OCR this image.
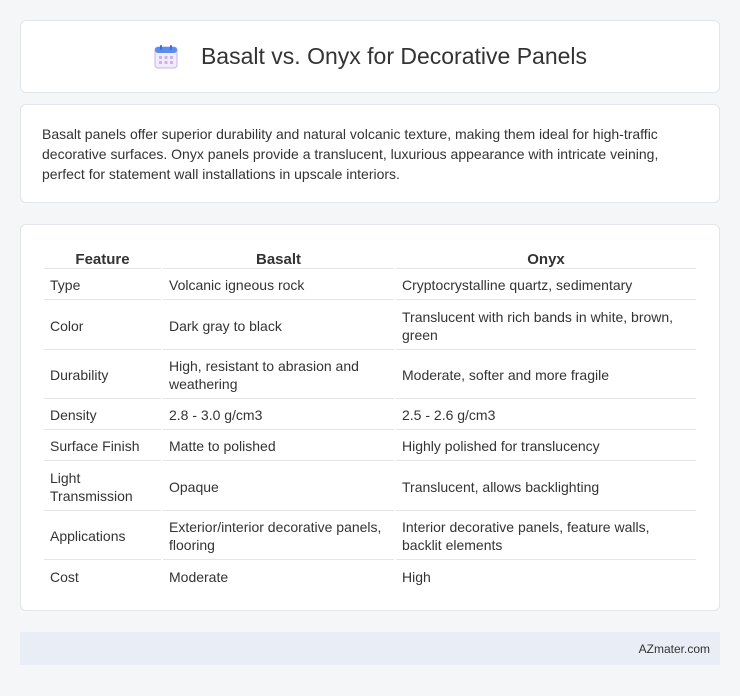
Basalt vs. Onyx for Decorative Panels

Basalt panels offer superior durability and natural volcanic texture, making them ideal for high-traffic decorative surfaces. Onyx panels provide a translucent, luxurious appearance with intricate veining, perfect for statement wall installations in upscale interiors.

Feature	Basalt	Onyx
Type	Volcanic igneous rock	Cryptocrystalline quartz, sedimentary
Color	Dark gray to black	Translucent with rich bands in white, brown, green
Durability	High, resistant to abrasion and weathering	Moderate, softer and more fragile
Density	2.8 - 3.0 g/cm3	2.5 - 2.6 g/cm3
Surface Finish	Matte to polished	Highly polished for translucency
Light Transmission	Opaque	Translucent, allows backlighting
Applications	Exterior/interior decorative panels, flooring	Interior decorative panels, feature walls, backlit elements
Cost	Moderate	High
AZmater.com
